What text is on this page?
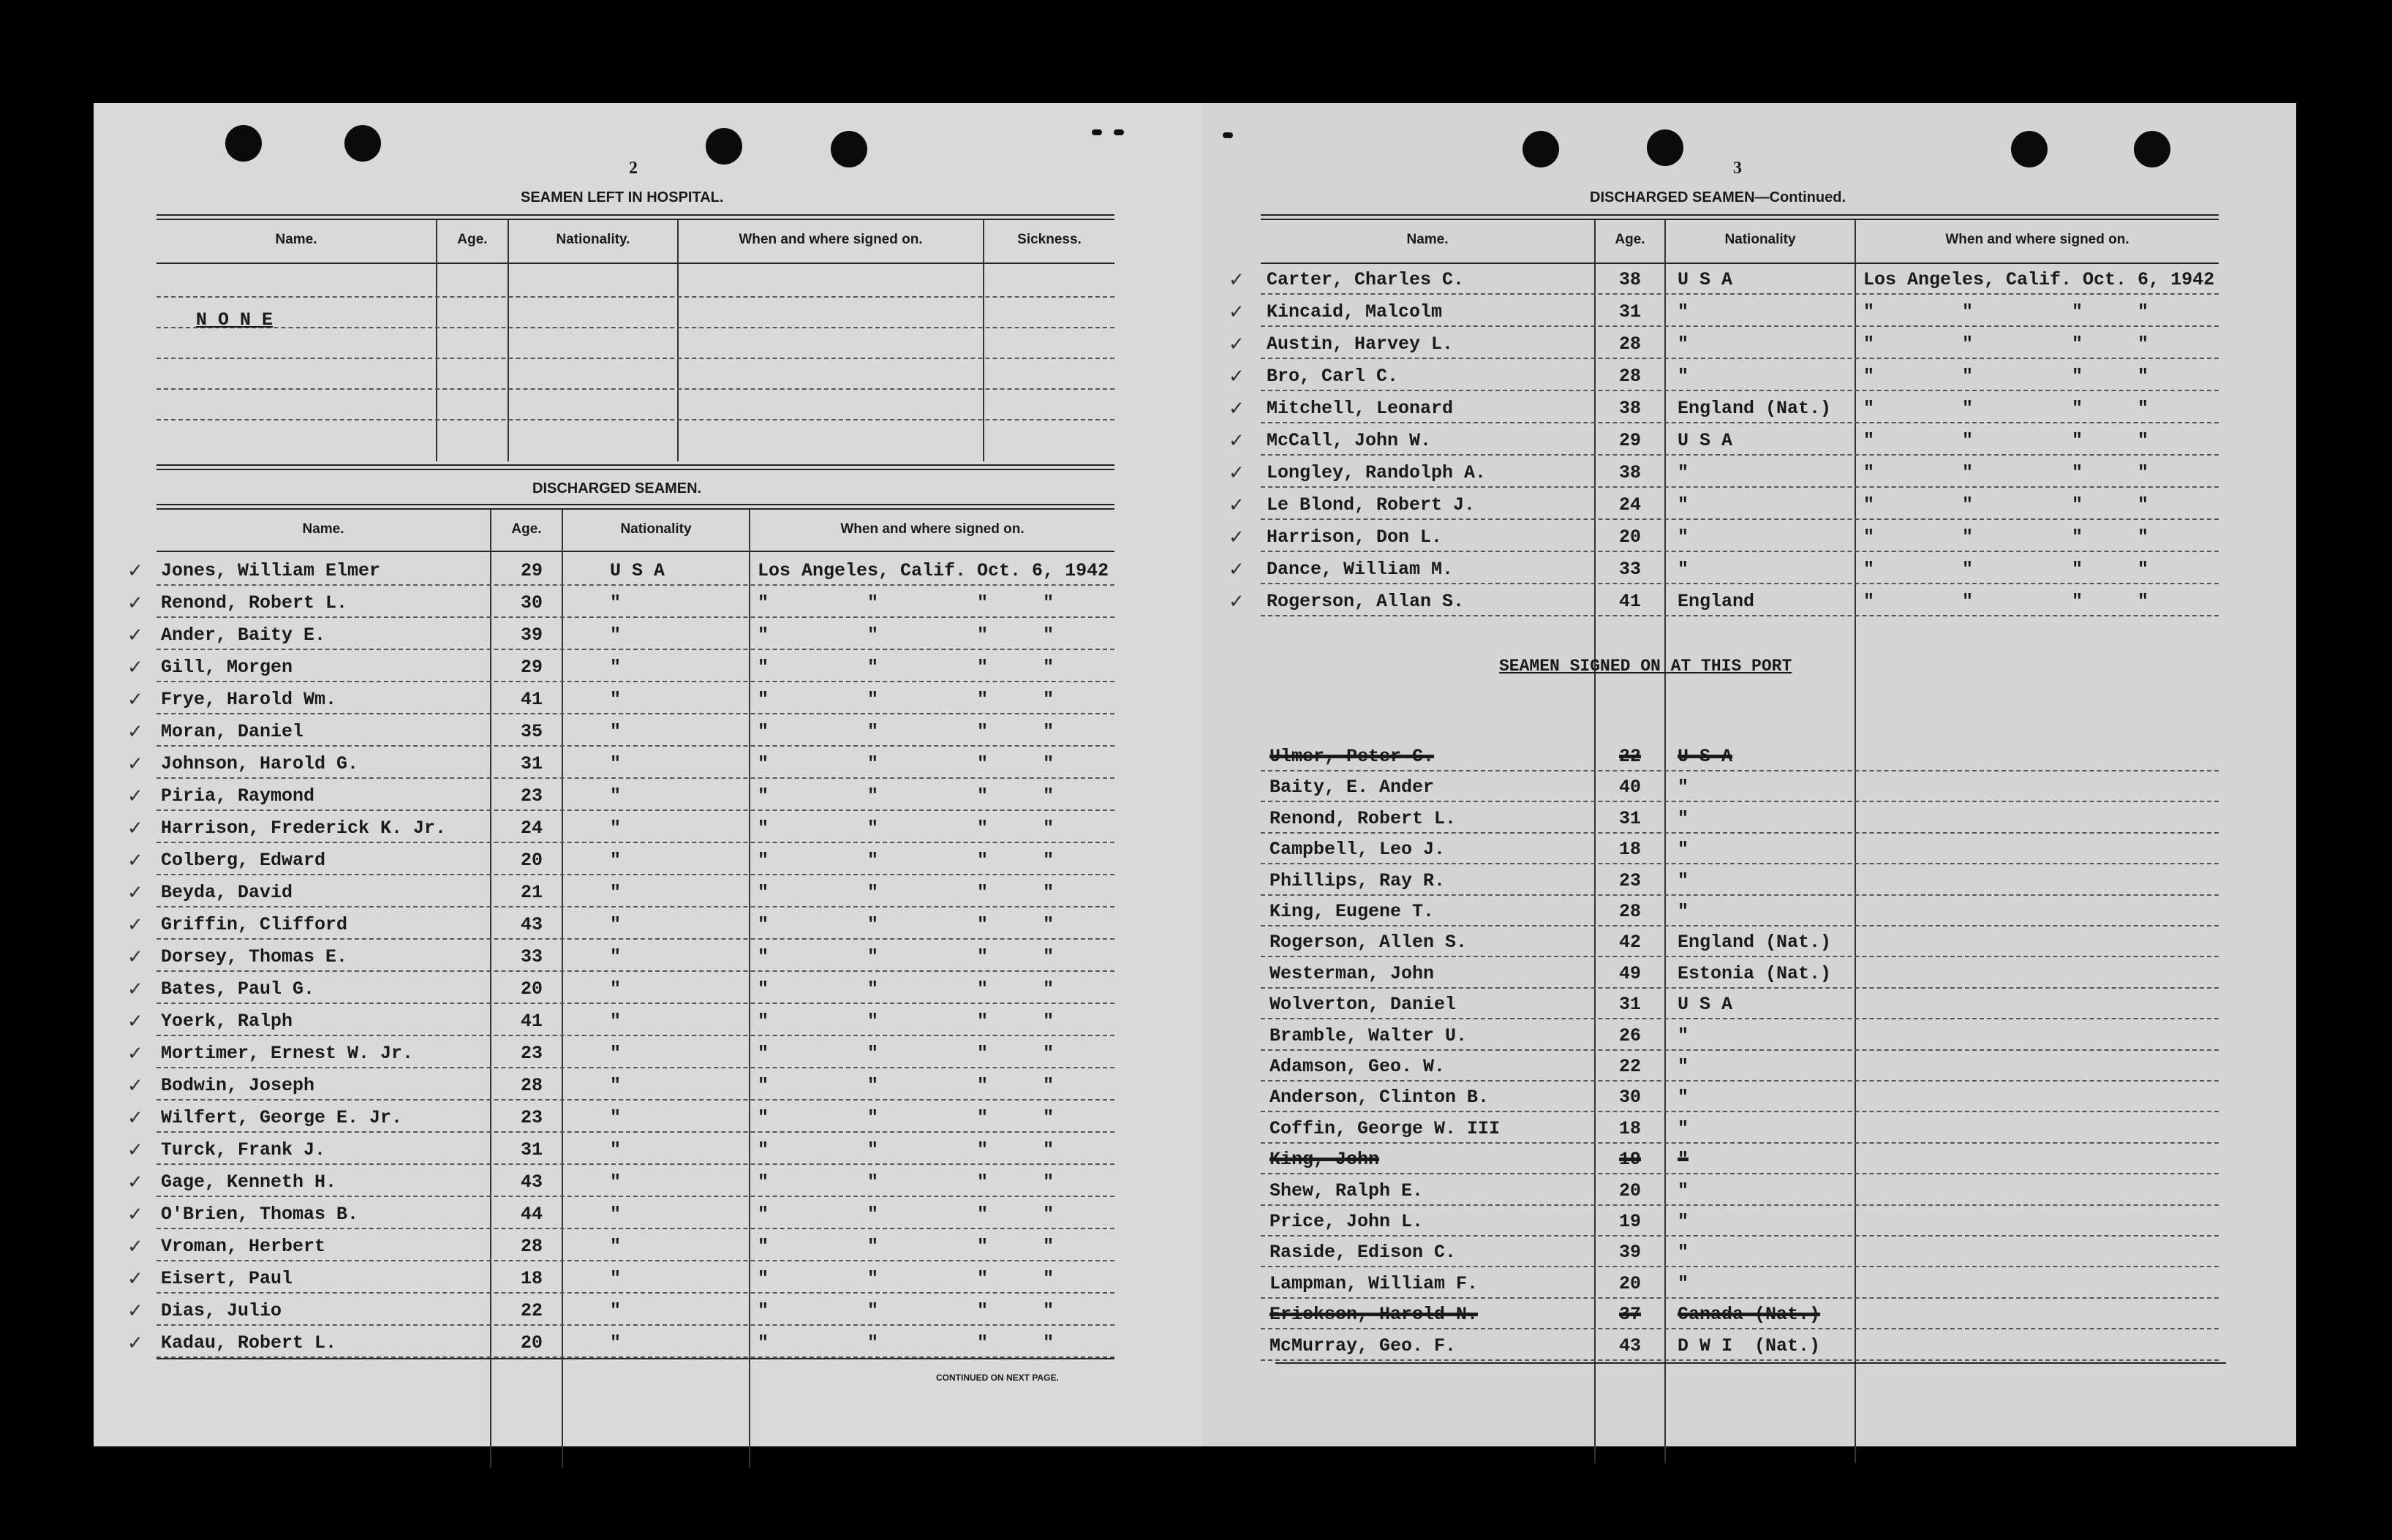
2
SEAMEN LEFT IN HOSPITAL.
Name.	Age.	Nationality.	When and where signed on.	Sickness.
N O N E
DISCHARGED SEAMEN.
Name.	Age.	Nationality	When and where signed on.
✓ Jones, William Elmer	29	U S A	Los Angeles, Calif. Oct. 6, 1942
✓ Renond, Robert L.	30	"	"         "         "     "
✓ Ander, Baity E.	39	"	"         "         "     "
✓ Gill, Morgen	29	"	"         "         "     "
✓ Frye, Harold Wm.	41	"	"         "         "     "
✓ Moran, Daniel	35	"	"         "         "     "
✓ Johnson, Harold G.	31	"	"         "         "     "
✓ Piria, Raymond	23	"	"         "         "     "
✓ Harrison, Frederick K. Jr.	24	"	"         "         "     "
✓ Colberg, Edward	20	"	"         "         "     "
✓ Beyda, David	21	"	"         "         "     "
✓ Griffin, Clifford	43	"	"         "         "     "
✓ Dorsey, Thomas E.	33	"	"         "         "     "
✓ Bates, Paul G.	20	"	"         "         "     "
✓ Yoerk, Ralph	41	"	"         "         "     "
✓ Mortimer, Ernest W. Jr.	23	"	"         "         "     "
✓ Bodwin, Joseph	28	"	"         "         "     "
✓ Wilfert, George E. Jr.	23	"	"         "         "     "
✓ Turck, Frank J.	31	"	"         "         "     "
✓ Gage, Kenneth H.	43	"	"         "         "     "
✓ O'Brien, Thomas B.	44	"	"         "         "     "
✓ Vroman, Herbert	28	"	"         "         "     "
✓ Eisert, Paul	18	"	"         "         "     "
✓ Dias, Julio	22	"	"         "         "     "
✓ Kadau, Robert L.	20	"	"         "         "     "
CONTINUED ON NEXT PAGE.
3
DISCHARGED SEAMEN—Continued.
Name.	Age.	Nationality	When and where signed on.
✓ Carter, Charles C.	38 U S A	Los Angeles, Calif. Oct. 6, 1942
✓ Kincaid, Malcolm	31 "	"        "         "     "
✓ Austin, Harvey L.	28 "	"        "         "     "
✓ Bro, Carl C.	28 "	"        "         "     "
✓ Mitchell, Leonard	38 England (Nat.) "        "         "     "
✓ McCall, John W.	29 U S A	"        "         "     "
✓ Longley, Randolph A.	38 "	"        "         "     "
✓ Le Blond, Robert J.	24 "	"        "         "     "
✓ Harrison, Don L.	20 "	"        "         "     "
✓ Dance, William M.	33 "	"        "         "     "
✓ Rogerson, Allan S.	41 England	"        "         "     "
SEAMEN SIGNED ON AT THIS PORT
Ulmer, Peter C.	22 U S A
Baity, E. Ander	40 "
Renond, Robert L.	31 "
Campbell, Leo J.	18 "
Phillips, Ray R.	23 "
King, Eugene T.	28 "
Rogerson, Allen S.	42 England (Nat.)
Westerman, John	49 Estonia (Nat.)
Wolverton, Daniel	31 U S A
Bramble, Walter U.	26 "
Adamson, Geo. W.	22 "
Anderson, Clinton B.	30 "
Coffin, George W. III	18 "
King, John	19 "
Shew, Ralph E.	20 "
Price, John L.	19 "
Raside, Edison C.	39 "
Lampman, William F.	20 "
Erickson, Harold N.	37 Canada (Nat.)
McMurray, Geo. F.	43 D W I  (Nat.)
